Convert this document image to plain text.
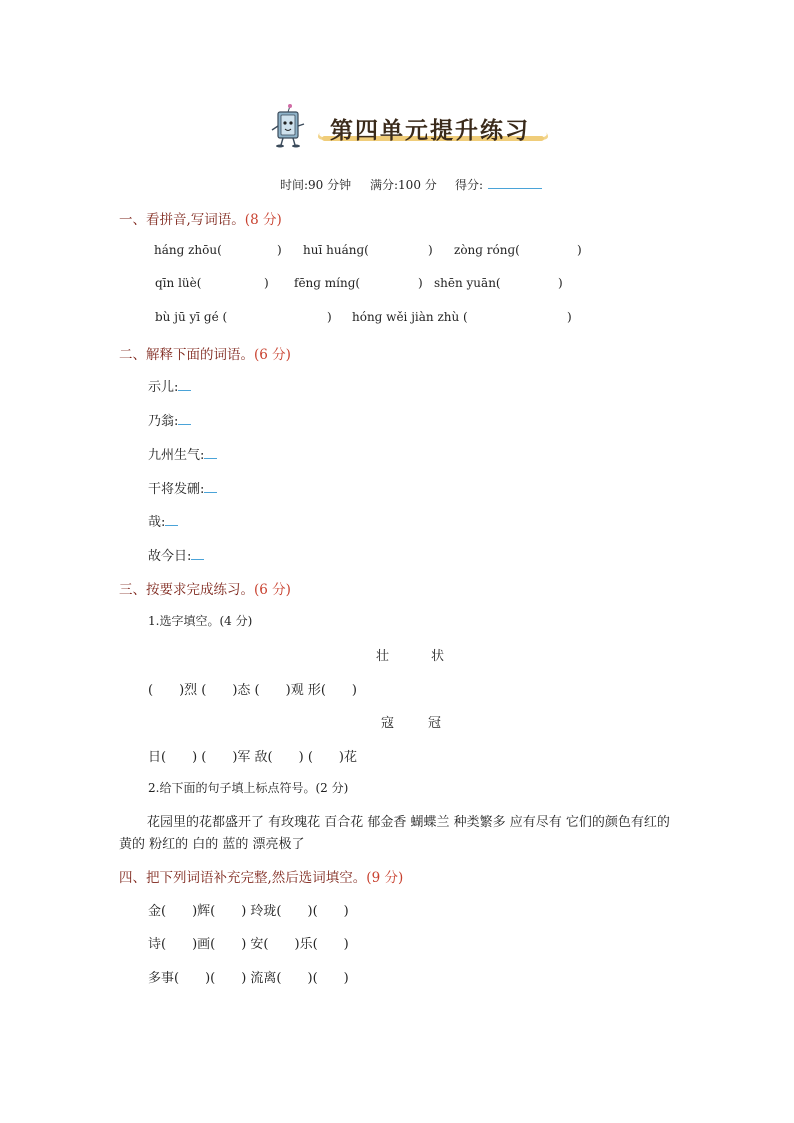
第四单元提升练习
时间:90 分钟 满分:100 分 得分:
一、看拼音,写词语。(8 分)
hánɡ zhōu(	) huī huánɡ(	) zònɡ rónɡ(	)
qīn lüè(	) fēnɡ mínɡ(	) shēn yuān(	)
bù jū yī ɡé (	) hónɡ wěi jiàn zhù (	)
二、解释下面的词语。(6 分)
示儿:
乃翁:
九州生气:
干将发硎:
哉:
故今日:
三、按要求完成练习。(6 分)
1.选字填空。(4 分)
壮	状
(　　)烈 (　　)态 (　　)观 形(　　)
寇	冠
日(　　) (　　)军 敌(　　) (　　)花
2.给下面的句子填上标点符号。(2 分)
花园里的花都盛开了 有玫瑰花 百合花 郁金香 蝴蝶兰 种类繁多 应有尽有 它们的颜色有红的 黄的 粉红的 白的 蓝的 漂亮极了
四、把下列词语补充完整,然后选词填空。(9 分)
金(　　)辉(　　) 玲珑(　　)(　　)
诗(　　)画(　　) 安(　　)乐(　　)
多事(　　)(　　) 流离(　　)(　　)
